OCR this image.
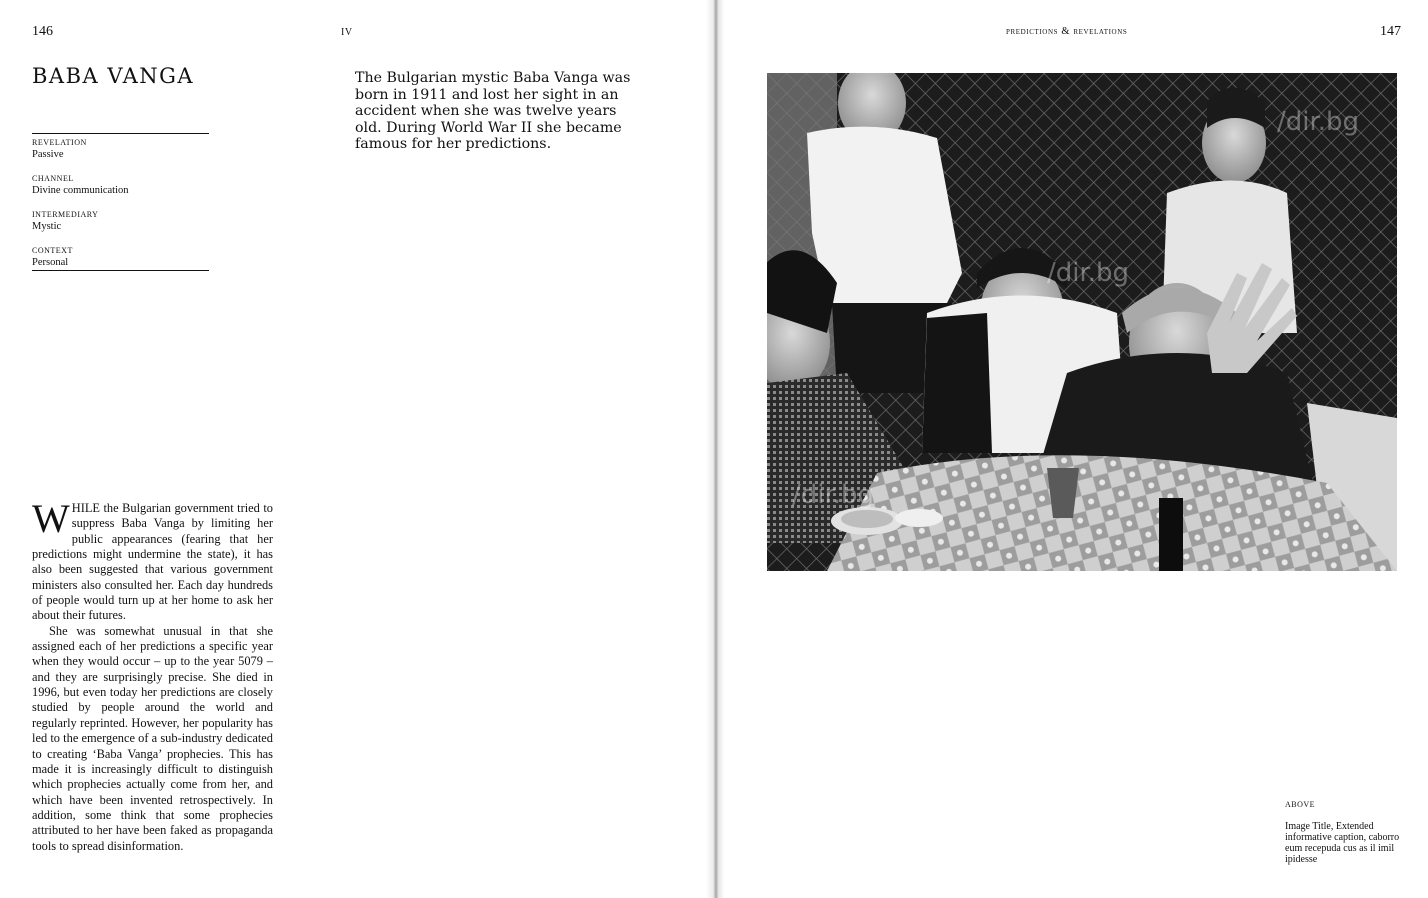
146	IV
BABA VANGA
REVELATION
Passive
CHANNEL
Divine communication
INTERMEDIARY
Mystic
CONTEXT
Personal
The Bulgarian mystic Baba Vanga was born in 1911 and lost her sight in an accident when she was twelve years old. During World War II she became famous for her predictions.

WHILE the Bulgarian government tried to suppress Baba Vanga by limiting her public appearances (fearing that her predictions might undermine the state), it has also been suggested that various government ministers also consulted her. Each day hundreds of people would turn up at her home to ask her about their futures.

She was somewhat unusual in that she assigned each of her predictions a specific year when they would occur – up to the year 5079 – and they are surprisingly precise. She died in 1996, but even today her predictions are closely studied by people around the world and regularly reprinted. However, her popularity has led to the emergence of a sub-industry dedicated to creating ‘Baba Vanga’ prophecies. This has made it is increasingly difficult to distinguish which prophecies actually come from her, and which have been invented retrospectively. In addition, some think that some prophecies attributed to her have been faked as propaganda tools to spread disinformation.

predictions & revelations	147
/dir.bg
/dir.bg
/dir.bg
ABOVE
Image Title, Extended informative caption, caborro eum recepuda cus as il imil ipidesse
